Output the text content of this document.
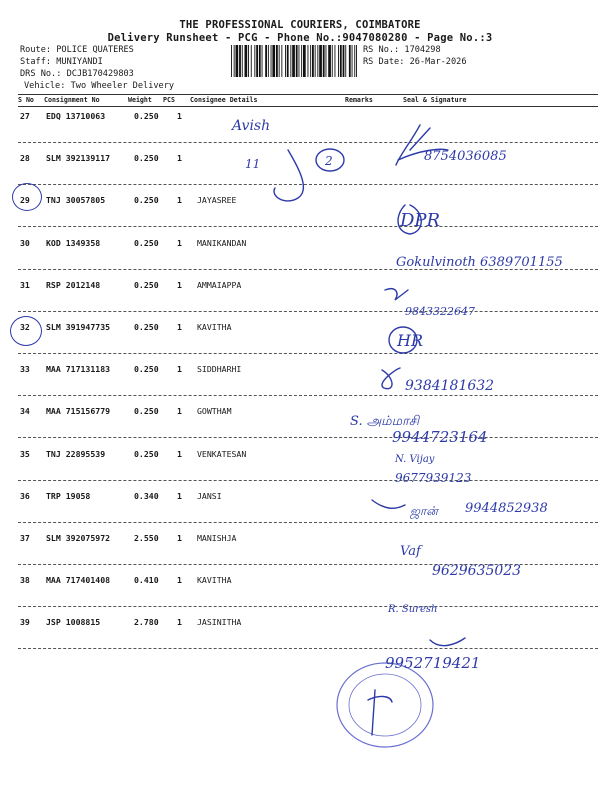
THE PROFESSIONAL COURIERS, COIMBATORE
Delivery Runsheet - PCG - Phone No.:9047080280 - Page No.:3
Route: POLICE QUATERES
Staff: MUNIYANDI
DRS No.: DCJB170429803
Vehicle: Two Wheeler Delivery
RS No.: 1704298
RS Date: 26-Mar-2026
S No Consignment No	Weight PCS Consignee Details	Remarks	Seal & Signature
27 EDQ 13710063	0.250 1
28 SLM 392139117	0.250 1
29 TNJ 30057805	0.250 1 JAYASREE
30 KOD 1349358	0.250 1 MANIKANDAN
31 RSP 2012148	0.250 1 AMMAIAPPA
32 SLM 391947735	0.250 1 KAVITHA
33 MAA 717131183	0.250 1 SIDDHARHI
34 MAA 715156779	0.250 1 GOWTHAM
35 TNJ 22895539	0.250 1 VENKATESAN
36 TRP 19058	0.340 1 JANSI
37 SLM 392075972	2.550 1 MANISHJA
38 MAA 717401408	0.410 1 KAVITHA
39 JSP 1008815	2.780 1 JASINITHA
Avish
11	2	8754036085
DPR
Gokulvinoth 6389701155
9843322647
HR
9384181632
S. அம்மாசி
9944723164
N. Vijay
9677939123
ஜான் 9944852938
Vaf
9629635023
R. Suresh
9952719421
